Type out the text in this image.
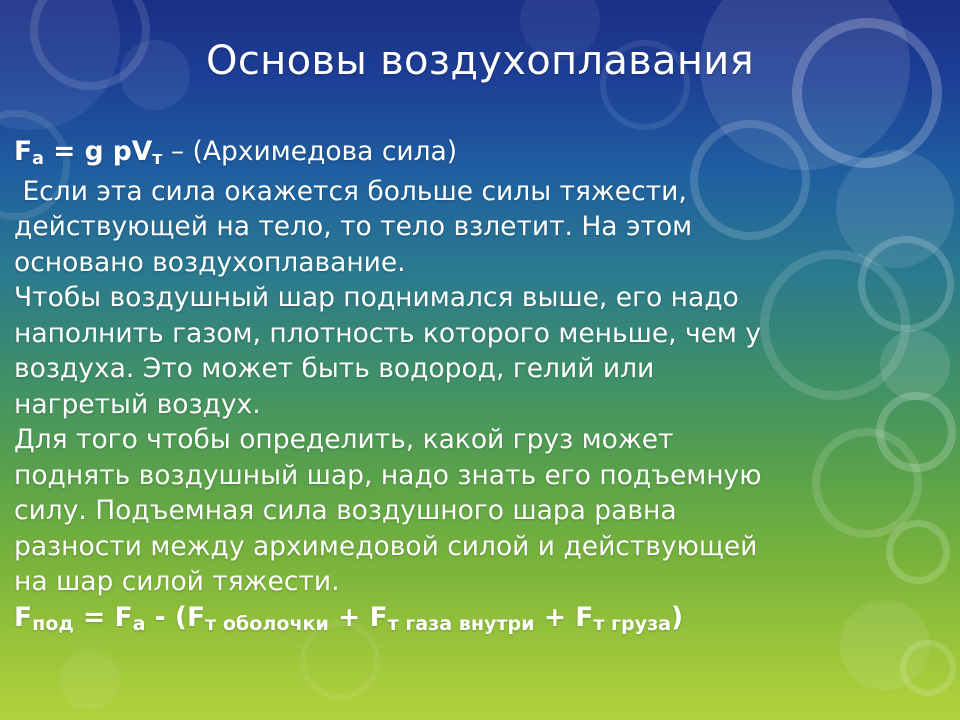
Основы воздухоплавания
Fа = g pVт – (Архимедова сила)
Если эта сила окажется больше силы тяжести,
действующей на тело, то тело взлетит. На этом
основано воздухоплавание.
Чтобы воздушный шар поднимался выше, его надо
наполнить газом, плотность которого меньше, чем у
воздуха. Это может быть водород, гелий или
нагретый воздух.
Для того чтобы определить, какой груз может
поднять воздушный шар, надо знать его подъемную
силу. Подъемная сила воздушного шара равна
разности между архимедовой силой и действующей
на шар силой тяжести.
Fпод = Fа - (Fт оболочки + Fт газа внутри + Fт груза)
